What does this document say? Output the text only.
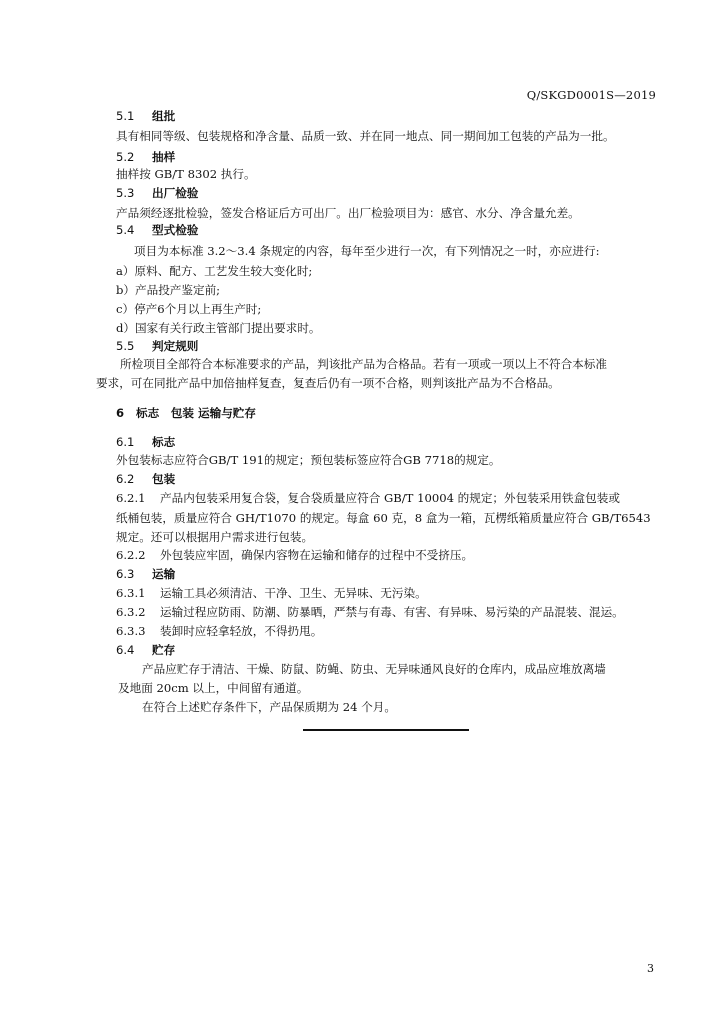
Q/SKGD0001S—2019
5.1 组批
具有相同等级、包装规格和净含量、品质一致、并在同一地点、同一期间加工包装的产品为一批。
5.2 抽样
抽样按 GB/T 8302 执行。
5.3 出厂检验
产品须经逐批检验，签发合格证后方可出厂。出厂检验项目为：感官、水分、净含量允差。
5.4 型式检验
项目为本标准 3.2～3.4 条规定的内容，每年至少进行一次，有下列情况之一时，亦应进行:
a）原料、配方、工艺发生较大变化时;
b）产品投产鉴定前;
c）停产6个月以上再生产时;
d）国家有关行政主管部门提出要求时。
5.5 判定规则
所检项目全部符合本标准要求的产品，判该批产品为合格品。若有一项或一项以上不符合本标准
要求，可在同批产品中加倍抽样复查，复查后仍有一项不合格，则判该批产品为不合格品。
6 标志　包装 运输与贮存
6.1 标志
外包装标志应符合GB/T 191的规定；预包装标签应符合GB 7718的规定。
6.2 包装
6.2.1 产品内包装采用复合袋，复合袋质量应符合 GB/T 10004 的规定；外包装采用铁盒包装或
纸桶包装，质量应符合 GH/T1070 的规定。每盒 60 克，8 盒为一箱，瓦楞纸箱质量应符合 GB/T6543
规定。还可以根据用户需求进行包装。
6.2.2 外包装应牢固，确保内容物在运输和储存的过程中不受挤压。
6.3 运输
6.3.1 运输工具必须清洁、干净、卫生、无异味、无污染。
6.3.2 运输过程应防雨、防潮、防暴晒，严禁与有毒、有害、有异味、易污染的产品混装、混运。
6.3.3 装卸时应轻拿轻放，不得扔甩。
6.4 贮存
产品应贮存于清洁、干燥、防鼠、防蝇、防虫、无异味通风良好的仓库内，成品应堆放离墙
及地面 20cm 以上，中间留有通道。
在符合上述贮存条件下，产品保质期为 24 个月。
3
